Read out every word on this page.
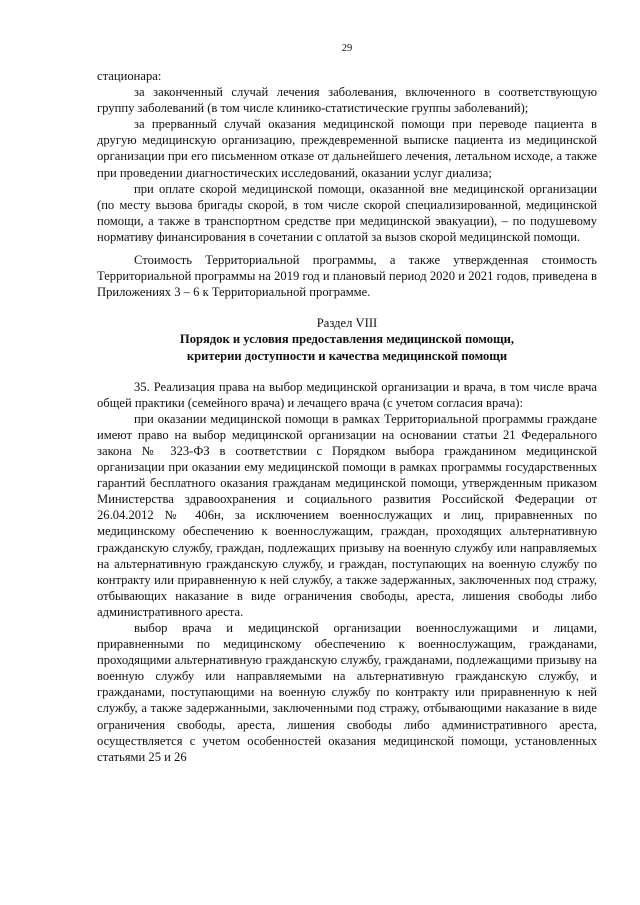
29

стационара:

за законченный случай лечения заболевания, включенного в соответствующую группу заболеваний (в том числе клинико-статистические группы заболеваний);

за прерванный случай оказания медицинской помощи при переводе пациента в другую медицинскую организацию, преждевременной выписке пациента из медицинской организации при его письменном отказе от дальнейшего лечения, летальном исходе, а также при проведении диагностических исследований, оказании услуг диализа;

при оплате скорой медицинской помощи, оказанной вне медицинской организации (по месту вызова бригады скорой, в том числе скорой специализированной, медицинской помощи, а также в транспортном средстве при медицинской эвакуации), – по подушевому нормативу финансирования в сочетании с оплатой за вызов скорой медицинской помощи.

Стоимость Территориальной программы, а также утвержденная стоимость Территориальной программы на 2019 год и плановый период 2020 и 2021 годов, приведена в Приложениях 3 – 6 к Территориальной программе.

Раздел VIII

Порядок и условия предоставления медицинской помощи,

критерии доступности и качества медицинской помощи

35. Реализация права на выбор медицинской организации и врача, в том числе врача общей практики (семейного врача) и лечащего врача (с учетом согласия врача):

при оказании медицинской помощи в рамках Территориальной программы граждане имеют право на выбор медицинской организации на основании статьи 21 Федерального закона № 323-ФЗ в соответствии с Порядком выбора гражданином медицинской организации при оказании ему медицинской помощи в рамках программы государственных гарантий бесплатного оказания гражданам медицинской помощи, утвержденным приказом Министерства здравоохранения и социального развития Российской Федерации от 26.04.2012 № 406н, за исключением военнослужащих и лиц, приравненных по медицинскому обеспечению к военнослужащим, граждан, проходящих альтернативную гражданскую службу, граждан, подлежащих призыву на военную службу или направляемых на альтернативную гражданскую службу, и граждан, поступающих на военную службу по контракту или приравненную к ней службу, а также задержанных, заключенных под стражу, отбывающих наказание в виде ограничения свободы, ареста, лишения свободы либо административного ареста.

выбор врача и медицинской организации военнослужащими и лицами, приравненными по медицинскому обеспечению к военнослужащим, гражданами, проходящими альтернативную гражданскую службу, гражданами, подлежащими призыву на военную службу или направляемыми на альтернативную гражданскую службу, и гражданами, поступающими на военную службу по контракту или приравненную к ней службу, а также задержанными, заключенными под стражу, отбывающими наказание в виде ограничения свободы, ареста, лишения свободы либо административного ареста, осуществляется с учетом особенностей оказания медицинской помощи, установленных статьями 25 и 26
